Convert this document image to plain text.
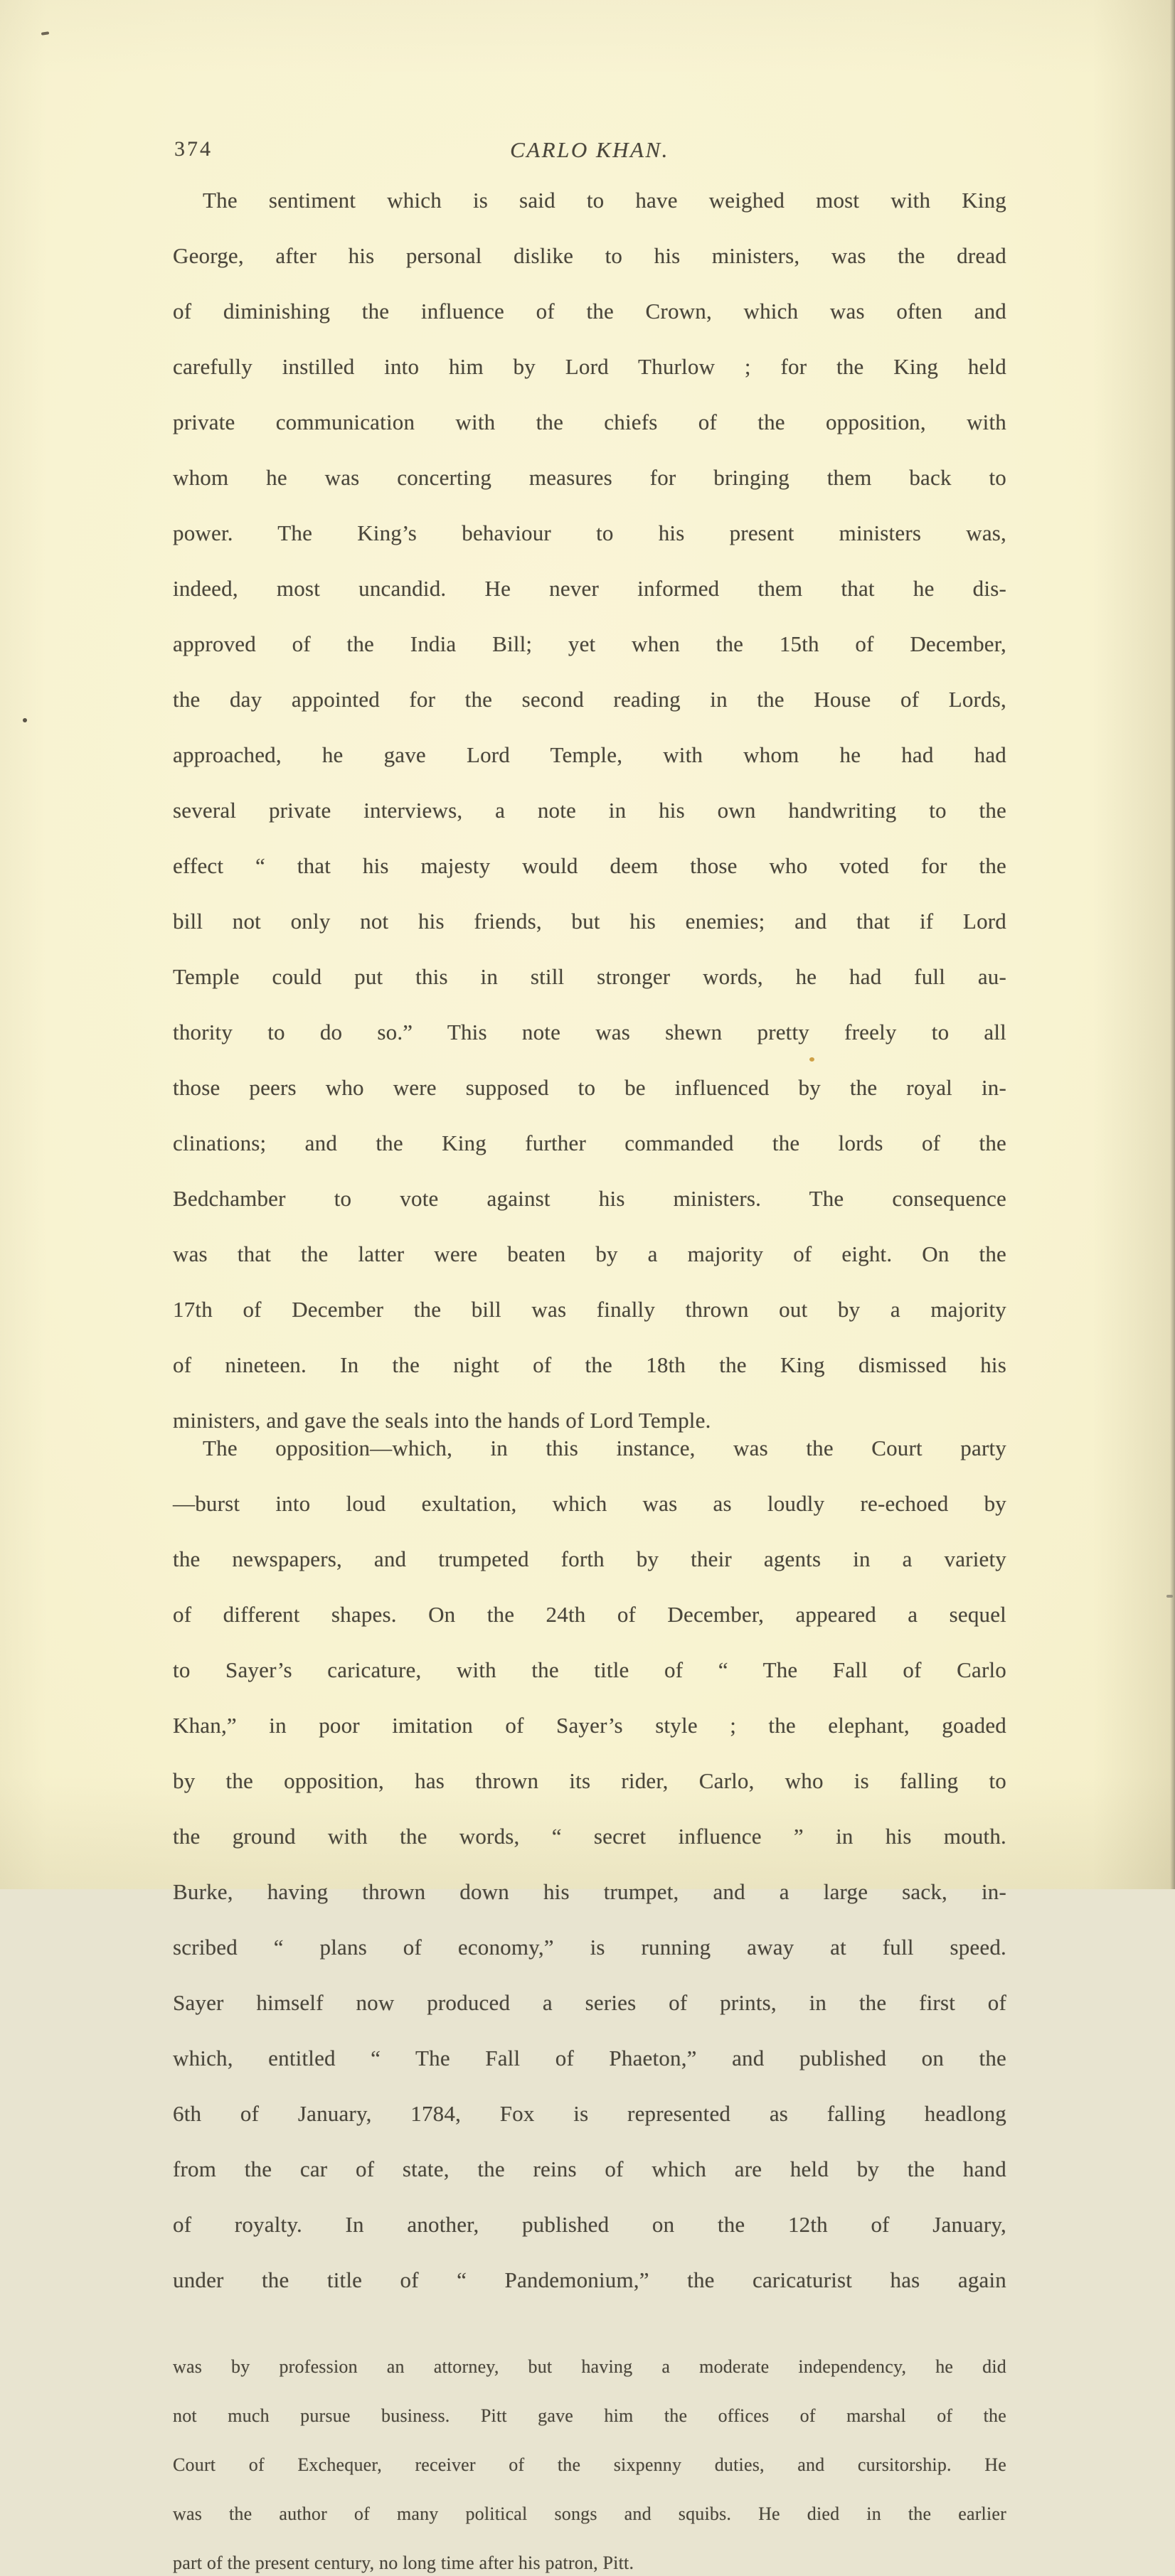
374	CARLO KHAN.
The sentiment which is said to have weighed most with King
George, after his personal dislike to his ministers, was the dread
of diminishing the influence of the Crown, which was often and
carefully instilled into him by Lord Thurlow ; for the King held
private communication with the chiefs of the opposition, with
whom he was concerting measures for bringing them back to
power. The King’s behaviour to his present ministers was,
indeed, most uncandid. He never informed them that he dis-
approved of the India Bill; yet when the 15th of December,
the day appointed for the second reading in the House of Lords,
approached, he gave Lord Temple, with whom he had had
several private interviews, a note in his own handwriting to the
effect “ that his majesty would deem those who voted for the
bill not only not his friends, but his enemies; and that if Lord
Temple could put this in still stronger words, he had full au-
thority to do so.” This note was shewn pretty freely to all
those peers who were supposed to be influenced by the royal in-
clinations; and the King further commanded the lords of the
Bedchamber to vote against his ministers. The consequence
was that the latter were beaten by a majority of eight. On the
17th of December the bill was finally thrown out by a majority
of nineteen. In the night of the 18th the King dismissed his
ministers, and gave the seals into the hands of Lord Temple.
The opposition—which, in this instance, was the Court party
—burst into loud exultation, which was as loudly re-echoed by
the newspapers, and trumpeted forth by their agents in a variety
of different shapes. On the 24th of December, appeared a sequel
to Sayer’s caricature, with the title of “ The Fall of Carlo
Khan,” in poor imitation of Sayer’s style ; the elephant, goaded
by the opposition, has thrown its rider, Carlo, who is falling to
the ground with the words, “ secret influence ” in his mouth.
Burke, having thrown down his trumpet, and a large sack, in-
scribed “ plans of economy,” is running away at full speed.
Sayer himself now produced a series of prints, in the first of
which, entitled “ The Fall of Phaeton,” and published on the
6th of January, 1784, Fox is represented as falling headlong
from the car of state, the reins of which are held by the hand
of royalty. In another, published on the 12th of January,
under the title of “ Pandemonium,” the caricaturist has again
was by profession an attorney, but having a moderate independency, he did
not much pursue business. Pitt gave him the offices of marshal of the
Court of Exchequer, receiver of the sixpenny duties, and cursitorship. He
was the author of many political songs and squibs. He died in the earlier
part of the present century, no long time after his patron, Pitt.
